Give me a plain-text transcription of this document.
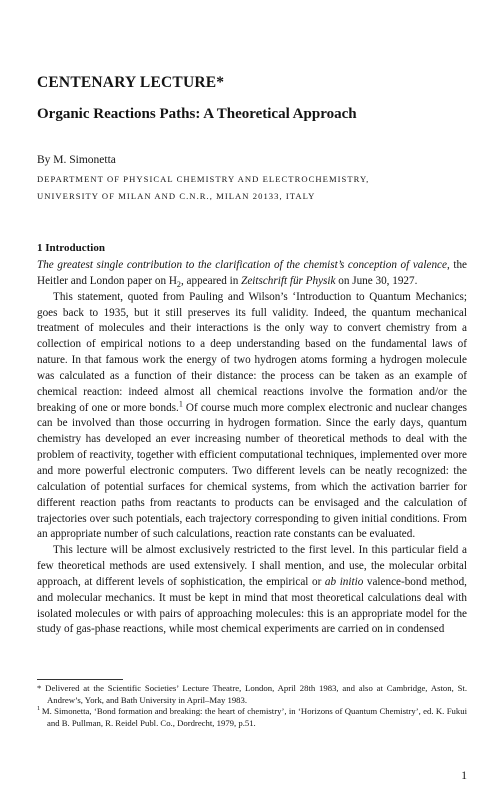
CENTENARY LECTURE*
Organic Reactions Paths: A Theoretical Approach
By M. Simonetta
DEPARTMENT OF PHYSICAL CHEMISTRY AND ELECTROCHEMISTRY,
UNIVERSITY OF MILAN AND C.N.R., MILAN 20133, ITALY
1 Introduction

The greatest single contribution to the clarification of the chemist’s conception of valence, the Heitler and London paper on $H_2$, appeared in Zeitschrift für Physik on June 30, 1927.

This statement, quoted from Pauling and Wilson’s ‘Introduction to Quantum Mechanics; goes back to 1935, but it still preserves its full validity. Indeed, the quantum mechanical treatment of molecules and their interactions is the only way to convert chemistry from a collection of empirical notions to a deep understanding based on the fundamental laws of nature. In that famous work the energy of two hydrogen atoms forming a hydrogen molecule was calculated as a function of their distance: the process can be taken as an example of chemical reaction: indeed almost all chemical reactions involve the formation and/or the breaking of one or more bonds.$^1$ Of course much more complex electronic and nuclear changes can be involved than those occurring in hydrogen formation. Since the early days, quantum chemistry has developed an ever increasing number of theoretical methods to deal with the problem of reactivity, together with efficient computational techniques, implemented over more and more powerful electronic computers. Two different levels can be neatly recognized: the calculation of potential surfaces for chemical systems, from which the activation barrier for different reaction paths from reactants to products can be envisaged and the calculation of trajectories over such potentials, each trajectory corresponding to given initial conditions. From an appropriate number of such calculations, reaction rate constants can be evaluated.

This lecture will be almost exclusively restricted to the first level. In this particular field a few theoretical methods are used extensively. I shall mention, and use, the molecular orbital approach, at different levels of sophistication, the empirical or ab initio valence-bond method, and molecular mechanics. It must be kept in mind that most theoretical calculations deal with isolated molecules or with pairs of approaching molecules: this is an appropriate model for the study of gas-phase reactions, while most chemical experiments are carried on in condensed

* Delivered at the Scientific Societies’ Lecture Theatre, London, April 28th 1983, and also at Cambridge, Aston, St. Andrew’s, York, and Bath University in April–May 1983.

$^1$ M. Simonetta, ‘Bond formation and breaking: the heart of chemistry’, in ‘Horizons of Quantum Chemistry’, ed. K. Fukui and B. Pullman, R. Reidel Publ. Co., Dordrecht, 1979, p.51.

1
